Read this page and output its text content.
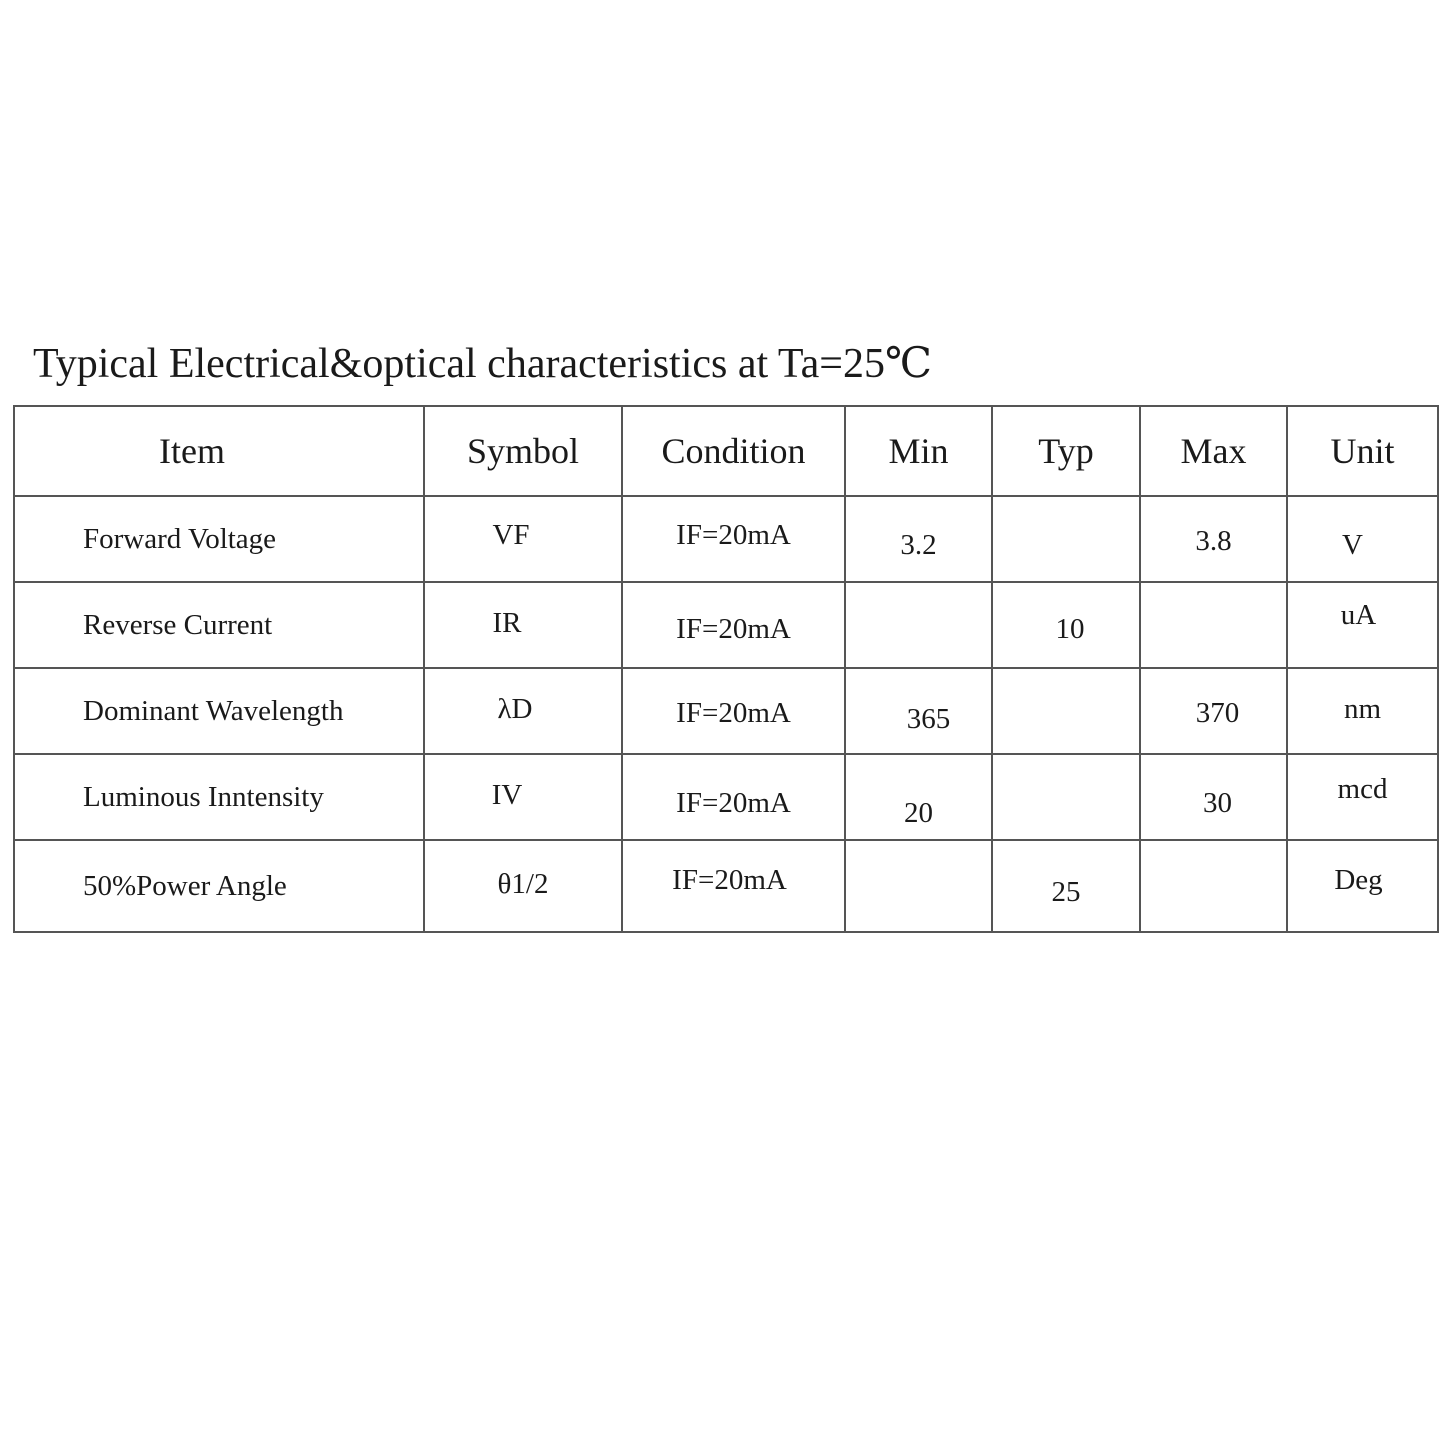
Typical Electrical&optical characteristics at Ta=25℃
Item	Symbol	Condition	Min	Typ	Max	Unit
Forward Voltage	VF	IF=20mA	3.2		3.8	V
Reverse Current	IR	IF=20mA		10		uA
Dominant Wavelength	λD	IF=20mA	365		370	nm
Luminous Inntensity	IV	IF=20mA	20		30	mcd
50%Power Angle	θ1/2	IF=20mA		25		Deg
